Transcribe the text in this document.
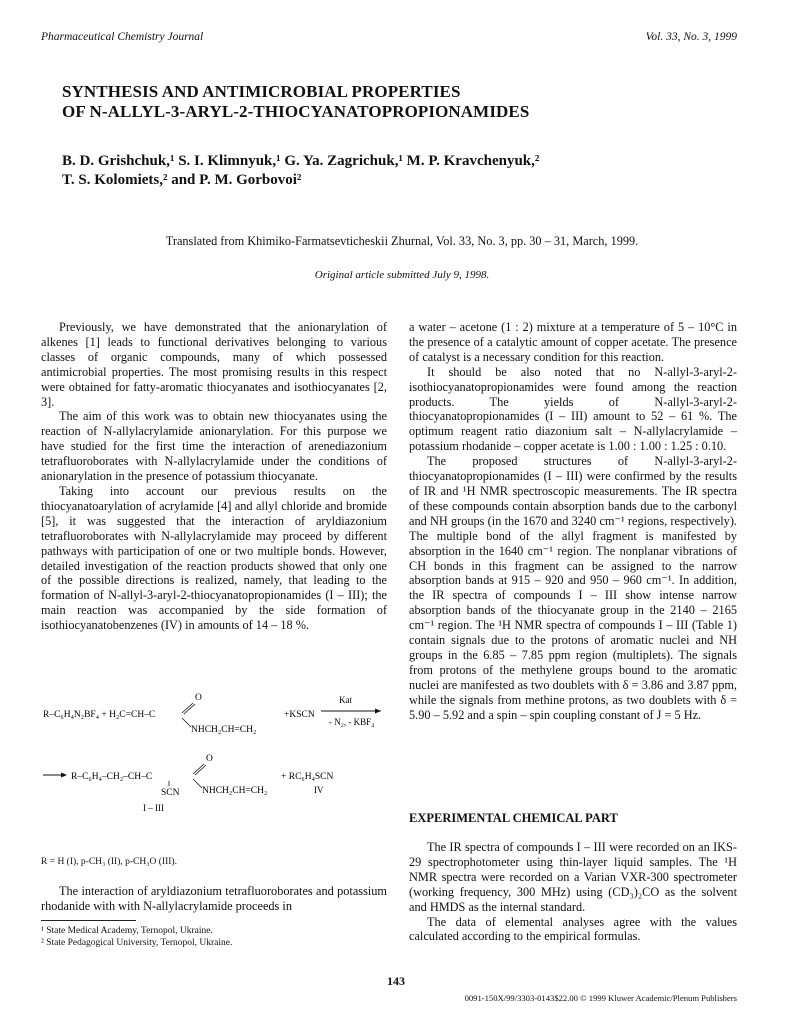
Pharmaceutical Chemistry Journal	Vol. 33, No. 3, 1999
SYNTHESIS AND ANTIMICROBIAL PROPERTIES
OF N-ALLYL-3-ARYL-2-THIOCYANATOPROPIONAMIDES
B. D. Grishchuk,¹ S. I. Klimnyuk,¹ G. Ya. Zagrichuk,¹ M. P. Kravchenyuk,²
T. S. Kolomiets,² and P. M. Gorbovoi²
Translated from Khimiko-Farmatsevticheskii Zhurnal, Vol. 33, No. 3, pp. 30 – 31, March, 1999.
Original article submitted July 9, 1998.

Previously, we have demonstrated that the anionarylation of alkenes [1] leads to functional derivatives belonging to various classes of organic compounds, many of which possessed antimicrobial properties. The most promising results in this respect were obtained for fatty-aromatic thiocyanates and isothiocyanates [2, 3].

The aim of this work was to obtain new thiocyanates using the reaction of N-allylacrylamide anionarylation. For this purpose we have studied for the first time the interaction of arenediazonium tetrafluoroborates with N-allylacrylamide under the conditions of anionarylation in the presence of potassium thiocyanate.

Taking into account our previous results on the thiocyanatoarylation of acrylamide [4] and allyl chloride and bromide [5], it was suggested that the interaction of aryldiazonium tetrafluoroborates with N-allylacrylamide may proceed by different pathways with participation of one or two multiple bonds. However, detailed investigation of the reaction products showed that only one of the possible directions is realized, namely, that leading to the formation of N-allyl-3-aryl-2-thiocyanatopropionamides (I – III); the main reaction was accompanied by the side formation of isothiocyanatobenzenes (IV) in amounts of 14 – 18 %.

R–C₆H₄N₂BF₄ + H₂C=CH–C
O
NHCH₂CH=CH₂
+KSCN
Kat
- N₂, - KBF₄
R–C₆H₄–CH₂–CH–C
O
NHCH₂CH=CH₂
SCN
+ RC₆H₄SCN
IV
I – III
R = H (I), p-CH₃ (II), p-CH₃O (III).

The interaction of aryldiazonium tetrafluoroborates and potassium rhodanide with with N-allylacrylamide proceeds in

¹ State Medical Academy, Ternopol, Ukraine.
² State Pedagogical University, Ternopol, Ukraine.

a water – acetone (1 : 2) mixture at a temperature of 5 – 10°C in the presence of a catalytic amount of copper acetate. The presence of catalyst is a necessary condition for this reaction.

It should be also noted that no N-allyl-3-aryl-2-isothiocyanatopropionamides were found among the reaction products. The yields of N-allyl-3-aryl-2-thiocyanatopropionamides (I – III) amount to 52 – 61 %. The optimum reagent ratio diazonium salt – N-allylacrylamide – potassium rhodanide – copper acetate is 1.00 : 1.00 : 1.25 : 0.10.

The proposed structures of N-allyl-3-aryl-2-thiocyanatopropionamides (I – III) were confirmed by the results of IR and ¹H NMR spectroscopic measurements. The IR spectra of these compounds contain absorption bands due to the carbonyl and NH groups (in the 1670 and 3240 cm⁻¹ regions, respectively). The multiple bond of the allyl fragment is manifested by absorption in the 1640 cm⁻¹ region. The nonplanar vibrations of CH bonds in this fragment can be assigned to the narrow absorption bands at 915 – 920 and 950 – 960 cm⁻¹. In addition, the IR spectra of compounds I – III show intense narrow absorption bands of the thiocyanate group in the 2140 – 2165 cm⁻¹ region. The ¹H NMR spectra of compounds I – III (Table 1) contain signals due to the protons of aromatic nuclei and NH groups in the 6.85 – 7.85 ppm region (multiplets). The signals from protons of the methylene groups bound to the aromatic nuclei are manifested as two doublets with δ = 3.86 and 3.87 ppm, while the signals from methine protons, as two doublets with δ = 5.90 – 5.92 and a spin – spin coupling constant of J = 5 Hz.

EXPERIMENTAL CHEMICAL PART

The IR spectra of compounds I – III were recorded on an IKS-29 spectrophotometer using thin-layer liquid samples. The ¹H NMR spectra were recorded on a Varian VXR-300 spectrometer (working frequency, 300 MHz) using (CD₃)₂CO as the solvent and HMDS as the internal standard.

The data of elemental analyses agree with the values calculated according to the empirical formulas.

143
0091-150X/99/3303-0143$22.00 © 1999 Kluwer Academic/Plenum Publishers
